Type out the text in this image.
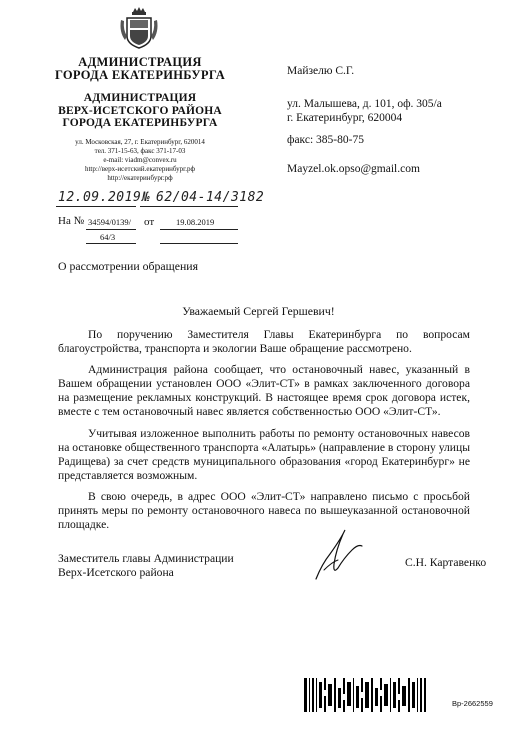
АДМИНИСТРАЦИЯ
ГОРОДА ЕКАТЕРИНБУРГА
АДМИНИСТРАЦИЯ
ВЕРХ-ИСЕТСКОГО РАЙОНА
ГОРОДА ЕКАТЕРИНБУРГА
ул. Московская, 27, г. Екатеринбург, 620014
тел. 371-15-63, факс 371-17-03
e-mail: viadm@convex.ru
http://верх-исетский.екатеринбург.рф
http://екатеринбург.рф
12.09.2019 № 62/04-14/3182
На № 34594/0139/ от	19.08.2019
64/3
Майзелю С.Г.
ул. Малышева, д. 101, оф. 305/а
г. Екатеринбург, 620004
факс: 385-80-75
Mayzel.ok.opso@gmail.com
О рассмотрении обращения
Уважаемый Сергей Гершевич!

По поручению Заместителя Главы Екатеринбурга по вопросам благоустройства, транспорта и экологии Ваше обращение рассмотрено.

Администрация района сообщает, что остановочный навес, указанный в Вашем обращении установлен ООО «Элит-СТ» в рамках заключенного договора на размещение рекламных конструкций. В настоящее время срок договора истек, вместе с тем остановочный навес является собственностью ООО «Элит-СТ».

Учитывая изложенное выполнить работы по ремонту остановочных навесов на остановке общественного транспорта «Алатырь» (направление в сторону улицы Радищева) за счет средств муниципального образования «город Екатеринбург» не представляется возможным.

В свою очередь, в адрес ООО «Элит-СТ» направлено письмо с просьбой принять меры по ремонту остановочного навеса по вышеуказанной остановочной площадке.

Заместитель главы Администрации
Верх-Исетского района
С.Н. Картавенко
Вр-2662559
